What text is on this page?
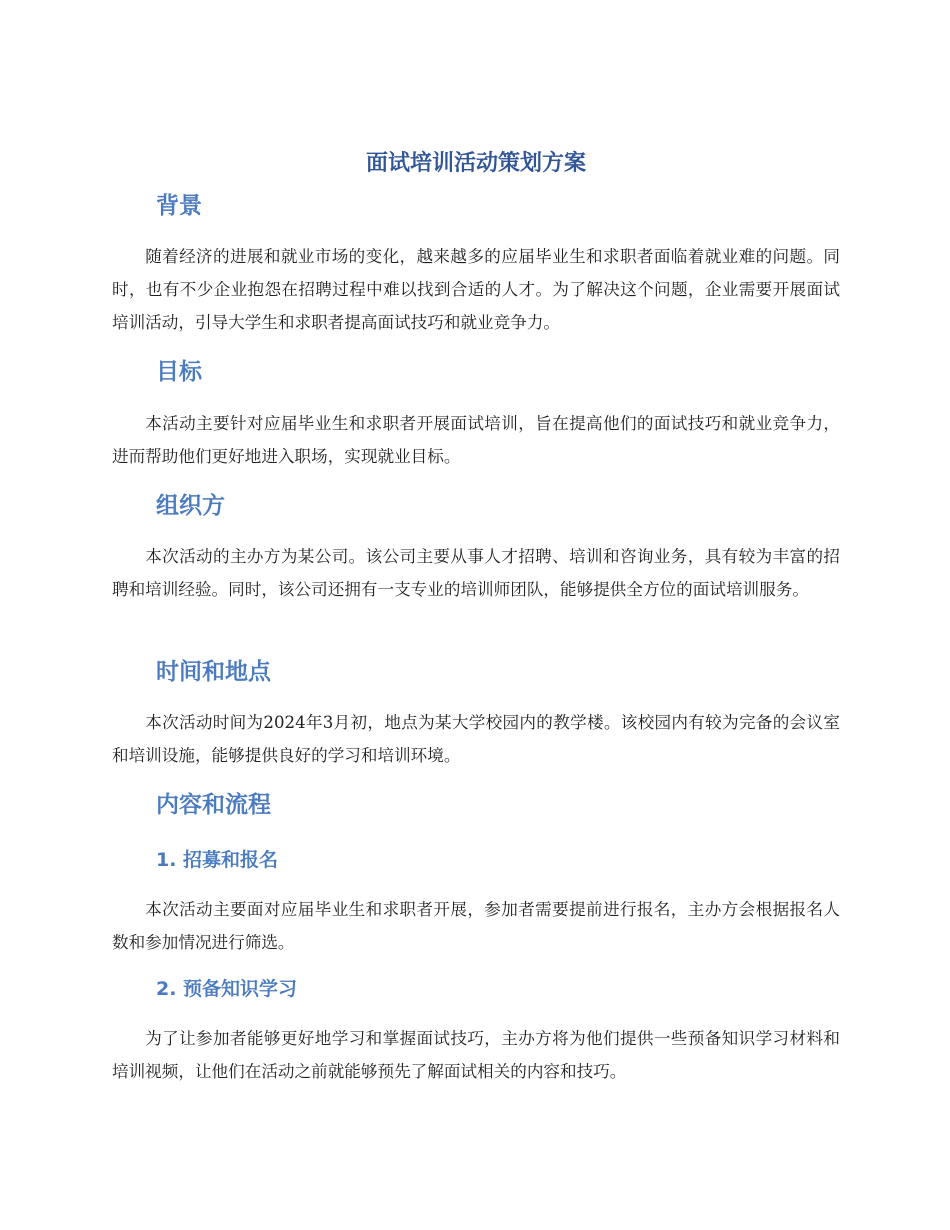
面试培训活动策划方案
背景

随着经济的进展和就业市场的变化，越来越多的应届毕业生和求职者面临着就业难的问题。同时，也有不少企业抱怨在招聘过程中难以找到合适的人才。为了解决这个问题，企业需要开展面试培训活动，引导大学生和求职者提高面试技巧和就业竞争力。

目标

本活动主要针对应届毕业生和求职者开展面试培训，旨在提高他们的面试技巧和就业竞争力，进而帮助他们更好地进入职场，实现就业目标。

组织方

本次活动的主办方为某公司。该公司主要从事人才招聘、培训和咨询业务，具有较为丰富的招聘和培训经验。同时，该公司还拥有一支专业的培训师团队，能够提供全方位的面试培训服务。

时间和地点

本次活动时间为2024年3月初，地点为某大学校园内的教学楼。该校园内有较为完备的会议室和培训设施，能够提供良好的学习和培训环境。

内容和流程
1. 招募和报名

本次活动主要面对应届毕业生和求职者开展，参加者需要提前进行报名，主办方会根据报名人数和参加情况进行筛选。

2. 预备知识学习

为了让参加者能够更好地学习和掌握面试技巧，主办方将为他们提供一些预备知识学习材料和培训视频，让他们在活动之前就能够预先了解面试相关的内容和技巧。
